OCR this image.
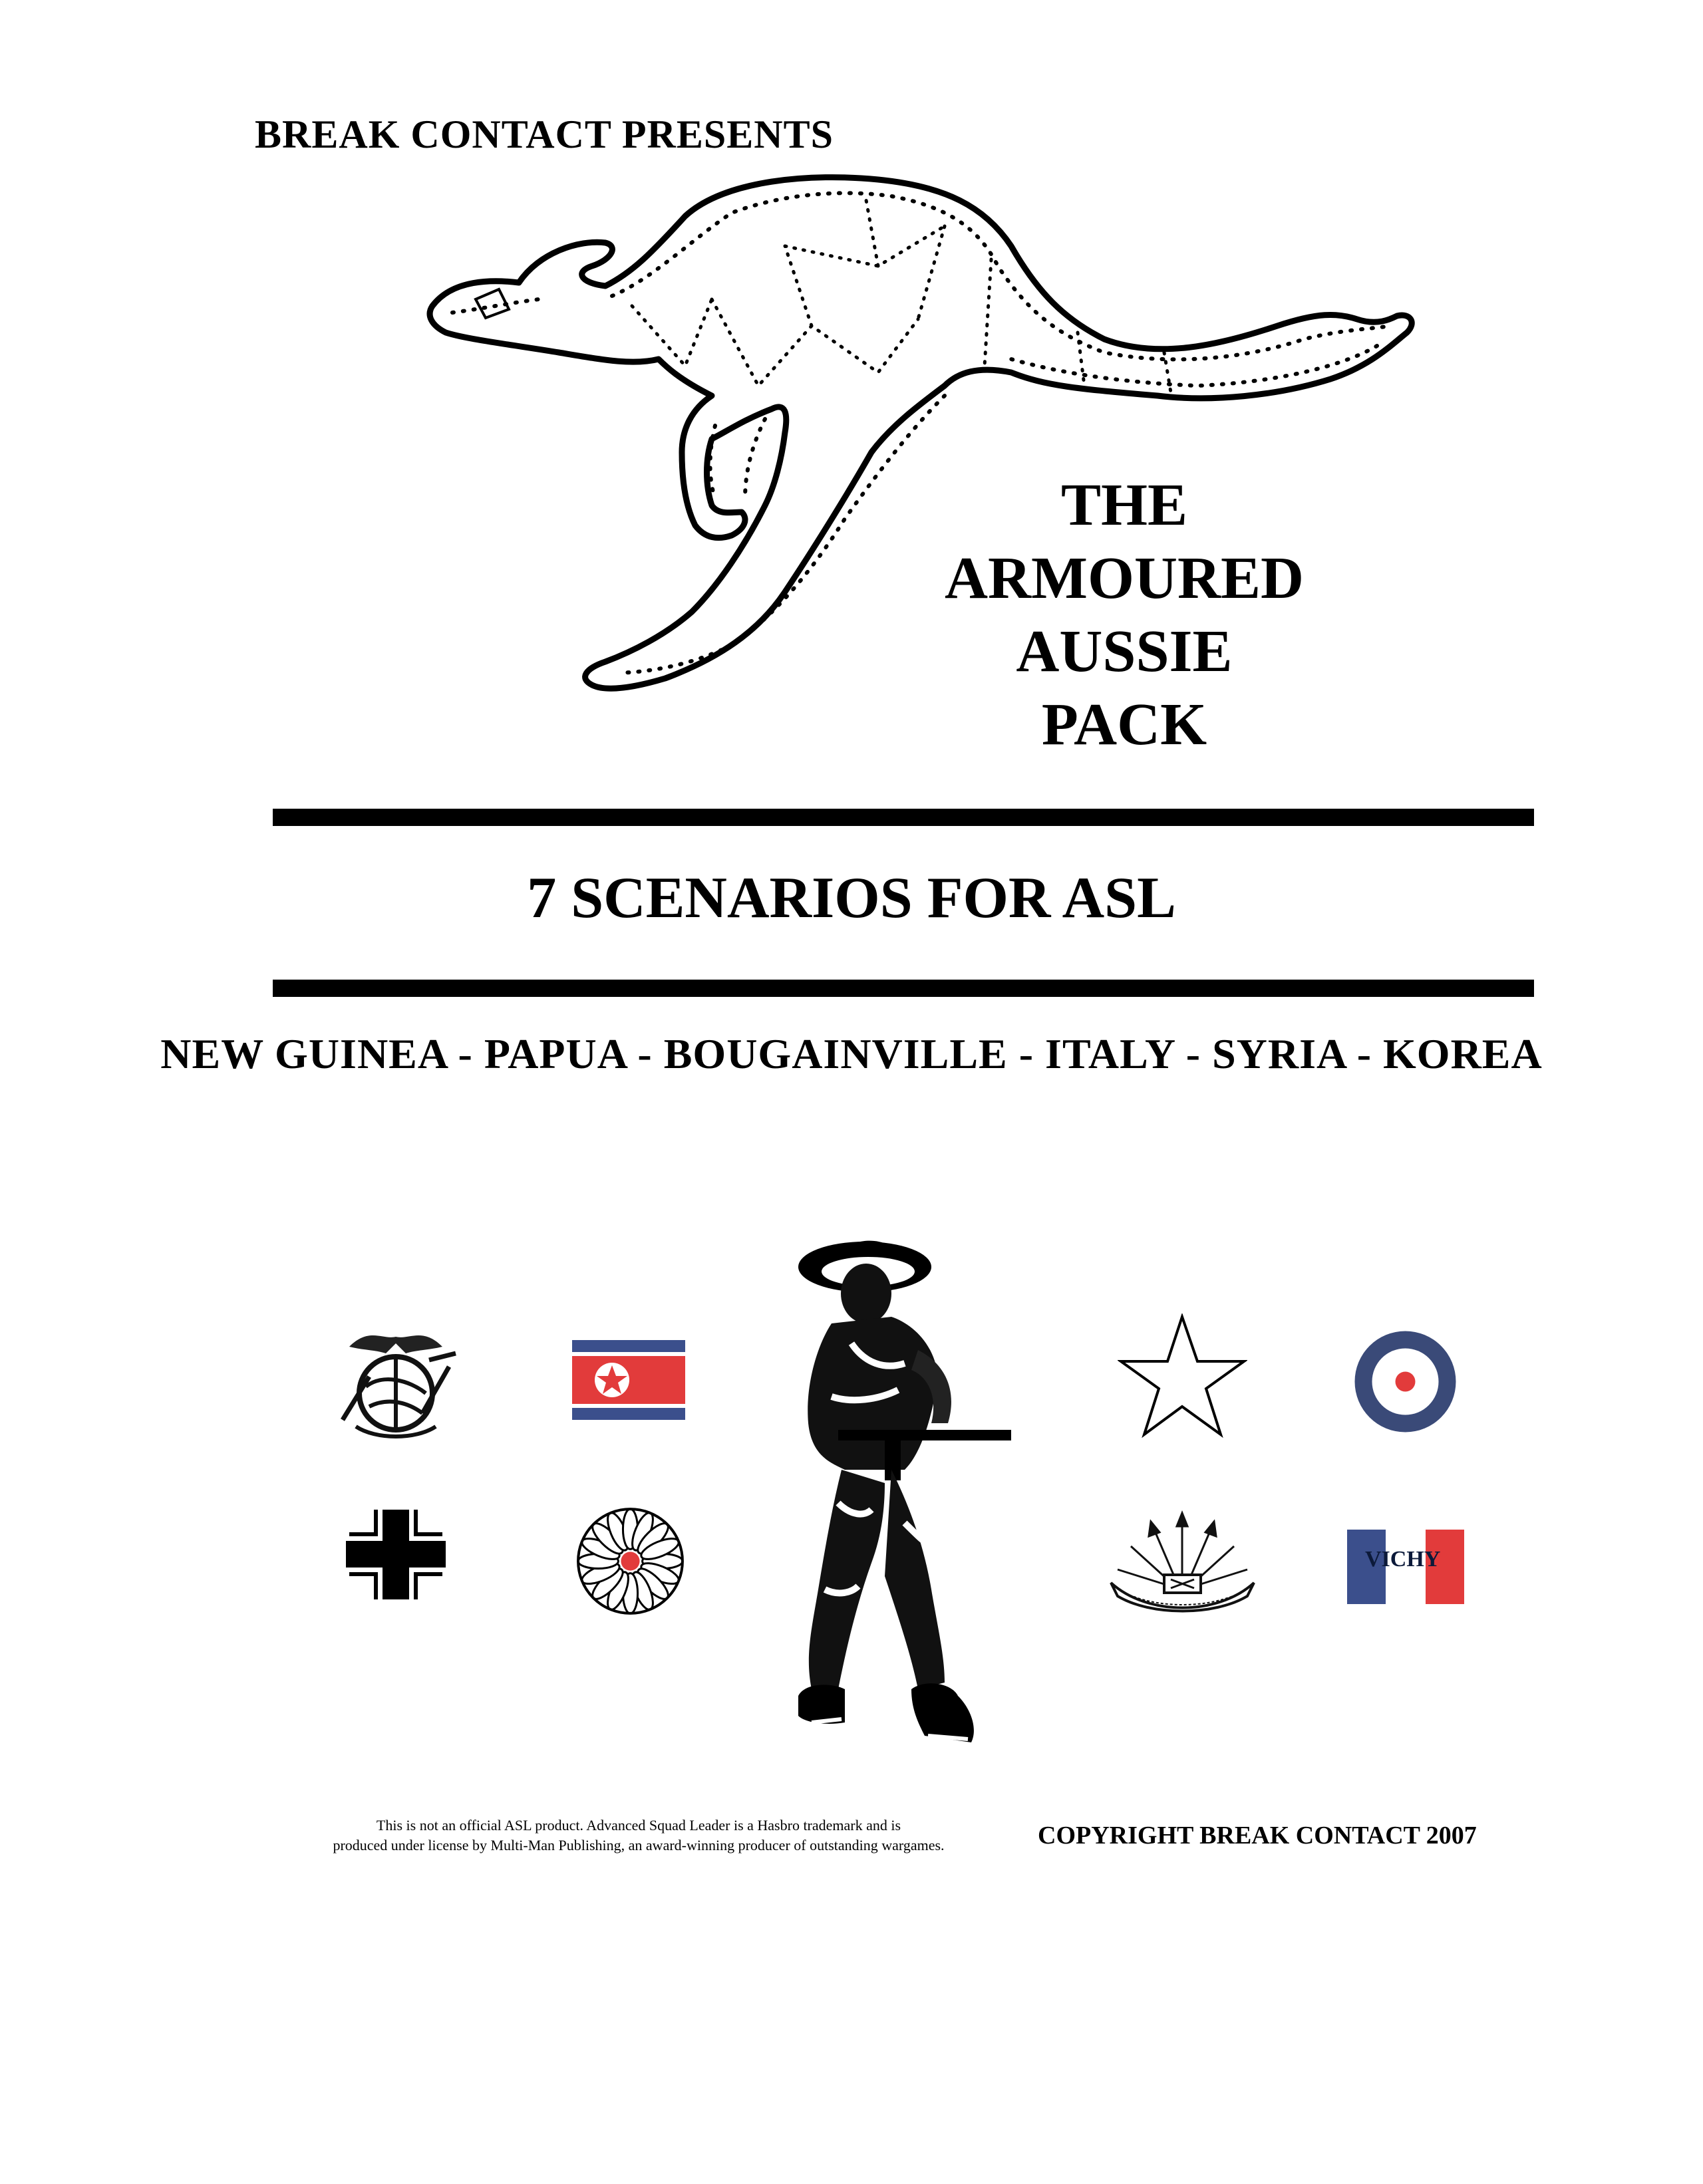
BREAK CONTACT PRESENTS
THE
ARMOURED
AUSSIE
PACK
7 SCENARIOS FOR ASL
NEW GUINEA - PAPUA - BOUGAINVILLE - ITALY - SYRIA - KOREA
VICHY
This is not an official ASL product. Advanced Squad Leader is a Hasbro trademark and is
produced under license by Multi-Man Publishing, an award-winning producer of outstanding wargames.	COPYRIGHT BREAK CONTACT 2007
